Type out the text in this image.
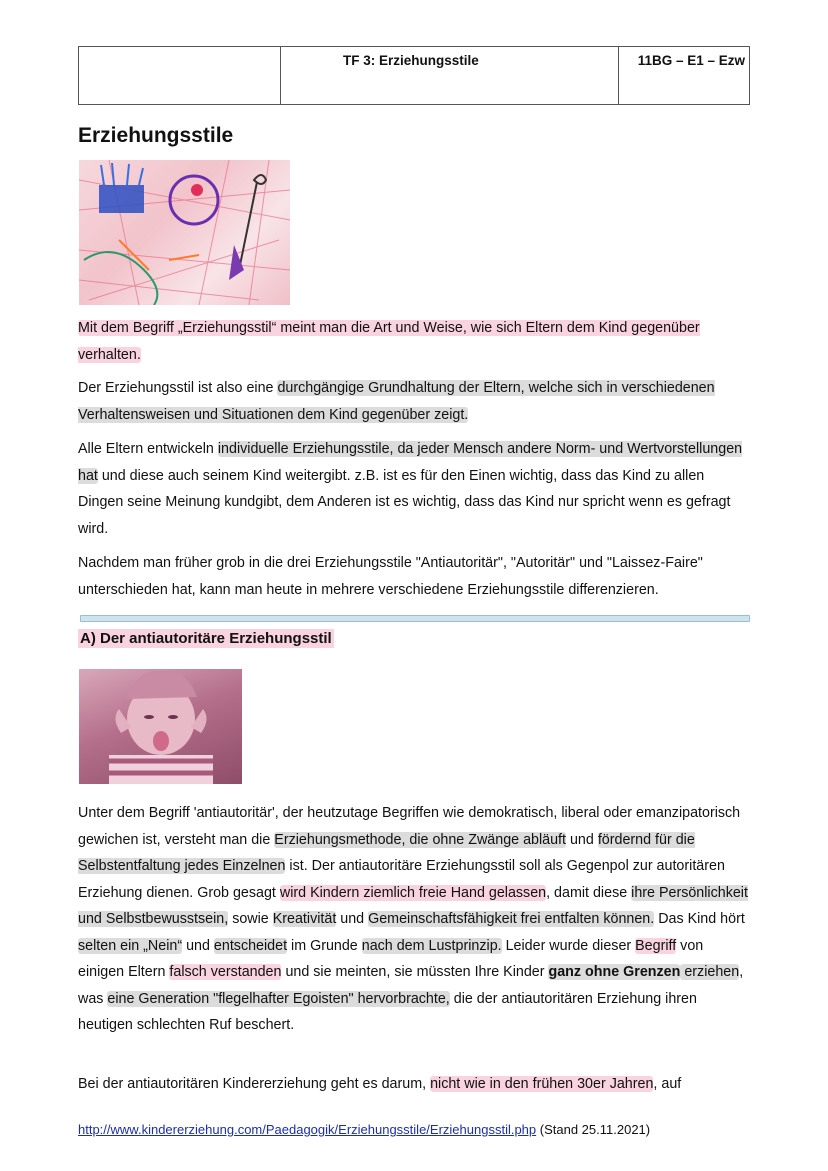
	TF 3: Erziehungsstile	11BG – E1 – Ezw
Erziehungsstile

Mit dem Begriff „Erziehungsstil“ meint man die Art und Weise, wie sich Eltern dem Kind gegenüber verhalten.

Der Erziehungsstil ist also eine durchgängige Grundhaltung der Eltern, welche sich in verschiedenen Verhaltensweisen und Situationen dem Kind gegenüber zeigt.

Alle Eltern entwickeln individuelle Erziehungsstile, da jeder Mensch andere Norm- und Wertvorstellungen hat und diese auch seinem Kind weitergibt. z.B. ist es für den Einen wichtig, dass das Kind zu allen Dingen seine Meinung kundgibt, dem Anderen ist es wichtig, dass das Kind nur spricht wenn es gefragt wird.

Nachdem man früher grob in die drei Erziehungsstile "Antiautoritär", "Autoritär" und "Laissez-Faire" unterschieden hat, kann man heute in mehrere verschiedene Erziehungsstile differenzieren.

A) Der antiautoritäre Erziehungsstil

Unter dem Begriff 'antiautoritär', der heutzutage Begriffen wie demokratisch, liberal oder emanzipatorisch gewichen ist, versteht man die Erziehungsmethode, die ohne Zwänge abläuft und fördernd für die Selbstentfaltung jedes Einzelnen ist. Der antiautoritäre Erziehungsstil soll als Gegenpol zur autoritären Erziehung dienen. Grob gesagt wird Kindern ziemlich freie Hand gelassen, damit diese ihre Persönlichkeit und Selbstbewusstsein, sowie Kreativität und Gemeinschaftsfähigkeit frei entfalten können. Das Kind hört selten ein „Nein“ und entscheidet im Grunde nach dem Lustprinzip. Leider wurde dieser Begriff von einigen Eltern falsch verstanden und sie meinten, sie müssten Ihre Kinder ganz ohne Grenzen erziehen, was eine Generation "flegelhafter Egoisten" hervorbrachte, die der antiautoritären Erziehung ihren heutigen schlechten Ruf beschert.

Bei der antiautoritären Kindererziehung geht es darum, nicht wie in den frühen 30er Jahren, auf

http://www.kindererziehung.com/Paedagogik/Erziehungsstile/Erziehungsstil.php (Stand 25.11.2021)
